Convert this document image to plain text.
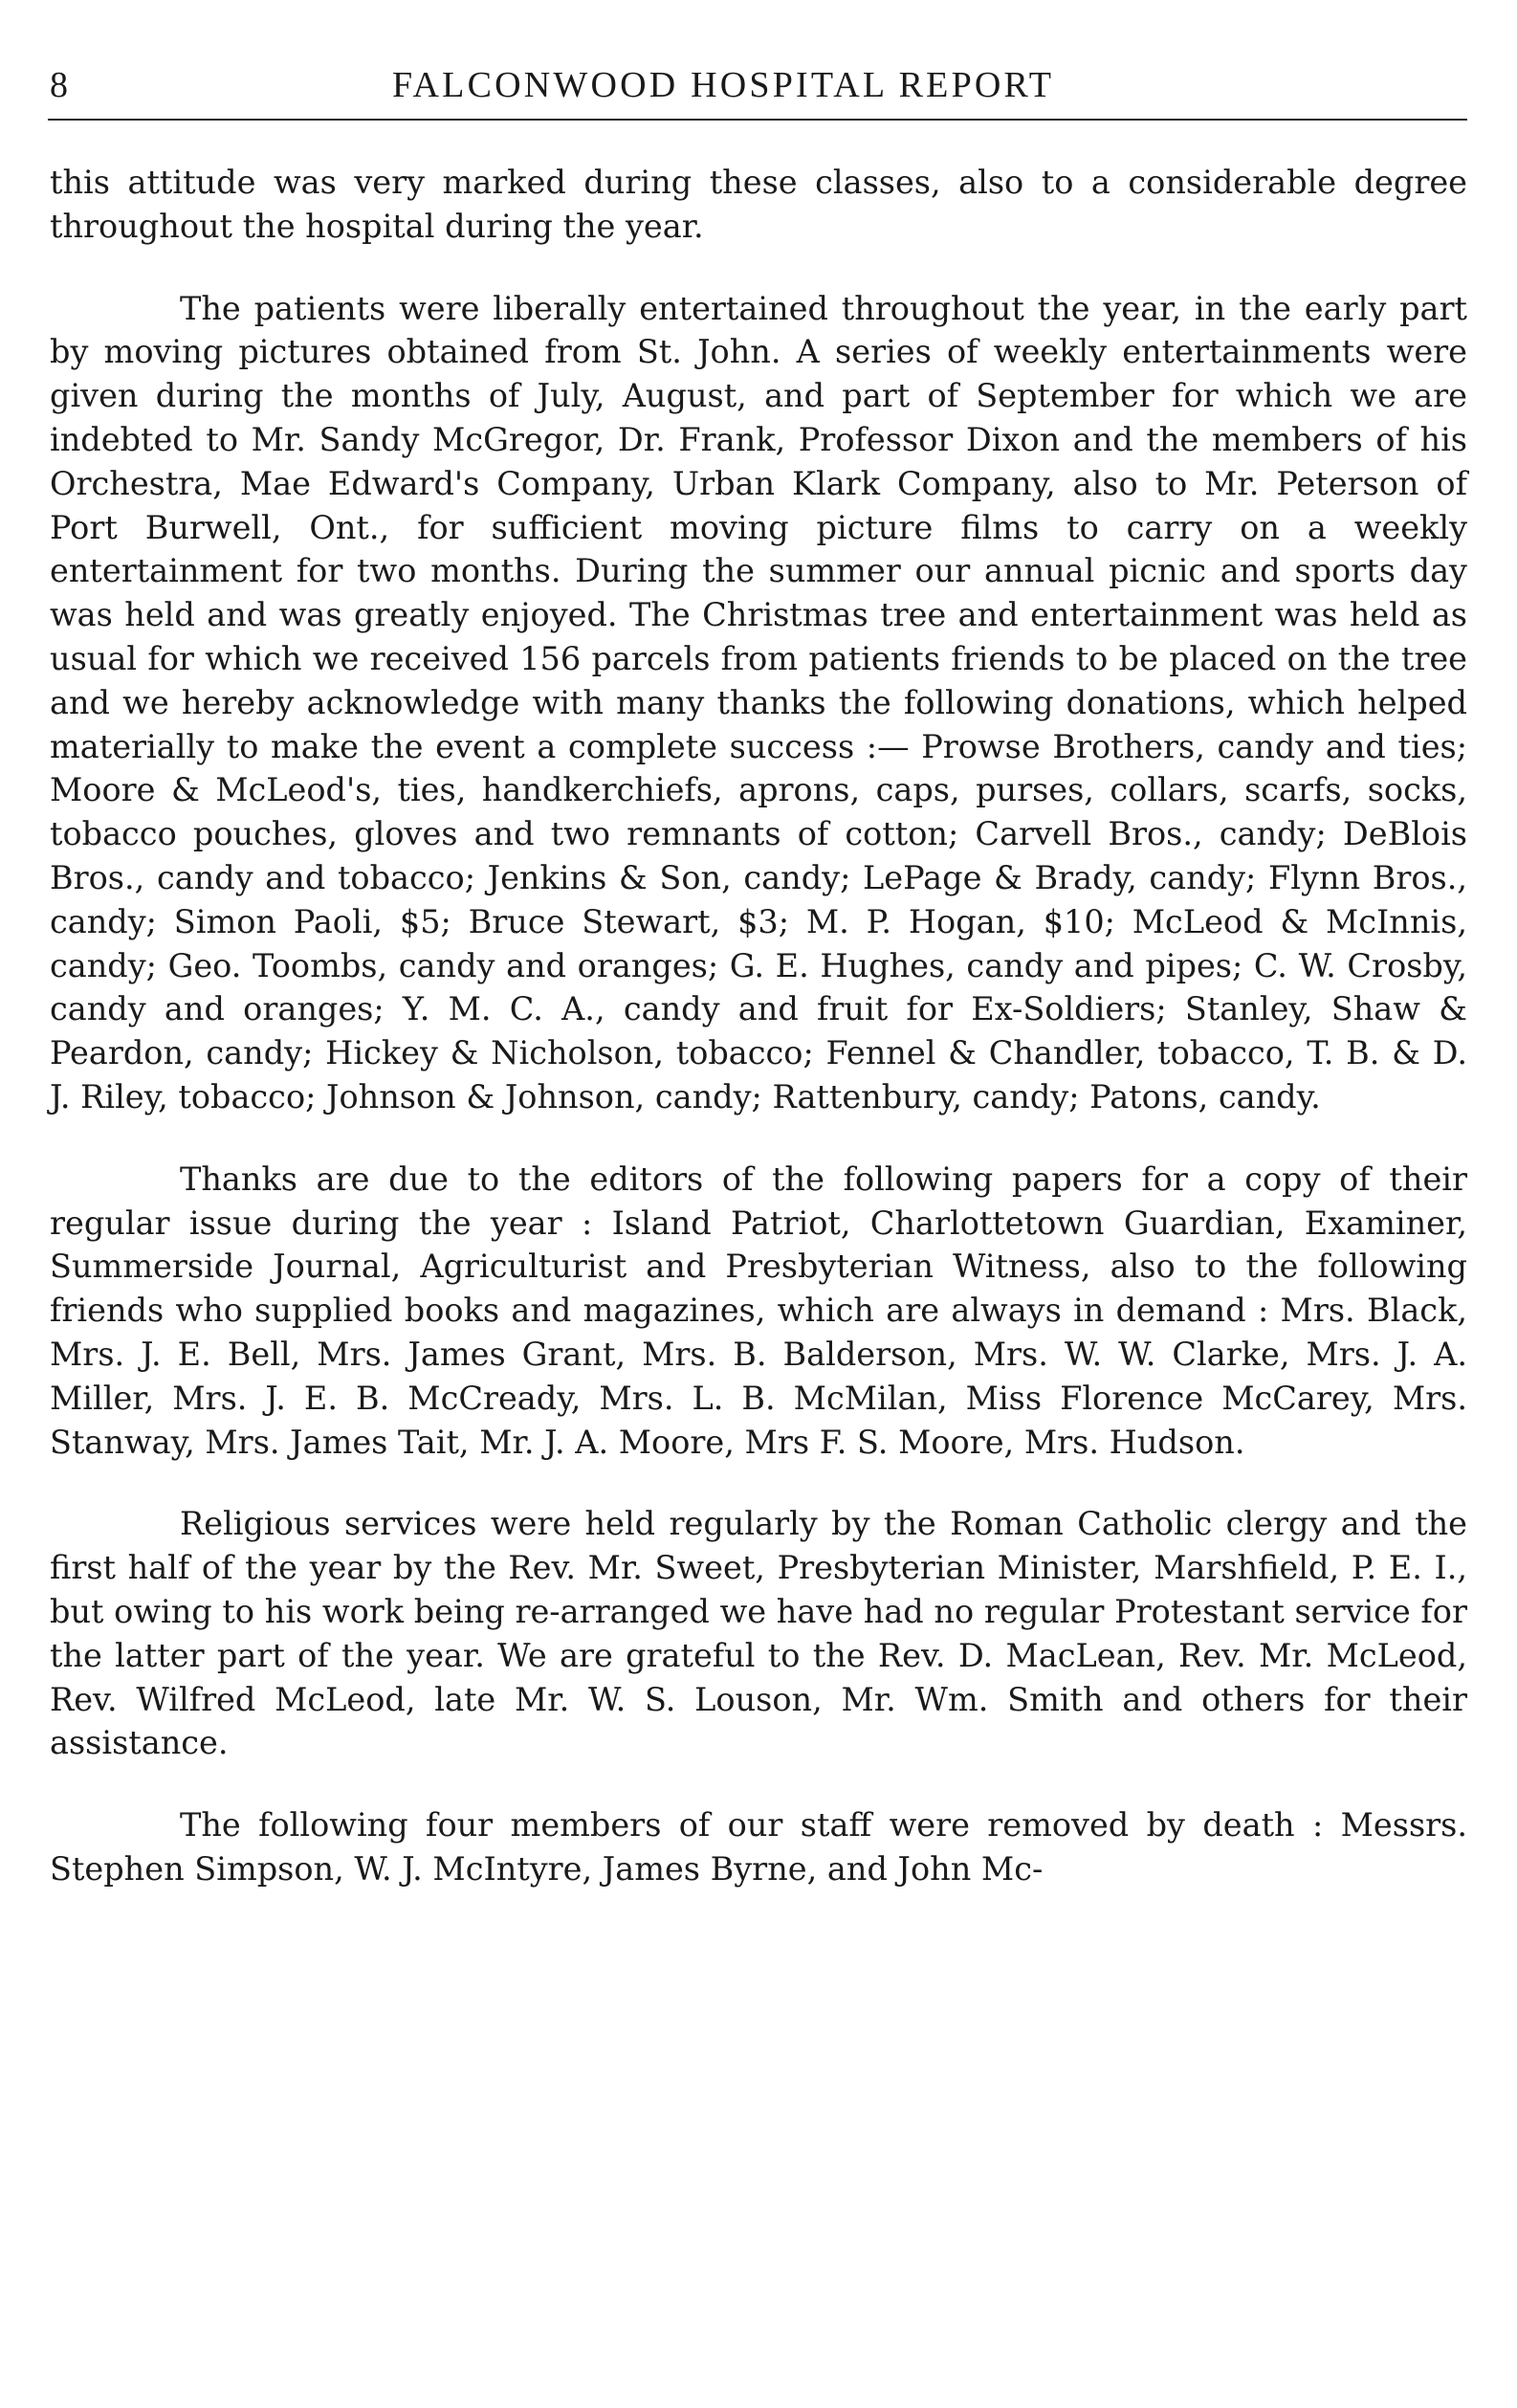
8	FALCONWOOD HOSPITAL REPORT

this attitude was very marked during these classes, also to a considerable degree throughout the hospital during the year.

The patients were liberally entertained throughout the year, in the early part by moving pictures obtained from St. John. A series of weekly entertainments were given during the months of July, August, and part of September for which we are indebted to Mr. Sandy McGregor, Dr. Frank, Professor Dixon and the members of his Orchestra, Mae Edward's Company, Urban Klark Company, also to Mr. Peterson of Port Burwell, Ont., for sufficient moving picture films to carry on a weekly entertainment for two months. During the summer our annual picnic and sports day was held and was greatly enjoyed. The Christmas tree and entertainment was held as usual for which we received 156 parcels from patients friends to be placed on the tree and we hereby acknowledge with many thanks the following donations, which helped materially to make the event a complete success :— Prowse Brothers, candy and ties; Moore & McLeod's, ties, handkerchiefs, aprons, caps, purses, collars, scarfs, socks, tobacco pouches, gloves and two remnants of cotton; Carvell Bros., candy; DeBlois Bros., candy and tobacco; Jenkins & Son, candy; LePage & Brady, candy; Flynn Bros., candy; Simon Paoli, $5; Bruce Stewart, $3; M. P. Hogan, $10; McLeod & McInnis, candy; Geo. Toombs, candy and oranges; G. E. Hughes, candy and pipes; C. W. Crosby, candy and oranges; Y. M. C. A., candy and fruit for Ex-Soldiers; Stanley, Shaw & Peardon, candy; Hickey & Nicholson, tobacco; Fennel & Chandler, tobacco, T. B. & D. J. Riley, tobacco; Johnson & Johnson, candy; Rattenbury, candy; Patons, candy.

Thanks are due to the editors of the following papers for a copy of their regular issue during the year : Island Patriot, Charlottetown Guardian, Examiner, Summerside Journal, Agriculturist and Presbyterian Witness, also to the following friends who supplied books and magazines, which are always in demand : Mrs. Black, Mrs. J. E. Bell, Mrs. James Grant, Mrs. B. Balderson, Mrs. W. W. Clarke, Mrs. J. A. Miller, Mrs. J. E. B. McCready, Mrs. L. B. McMilan, Miss Florence McCarey, Mrs. Stanway, Mrs. James Tait, Mr. J. A. Moore, Mrs F. S. Moore, Mrs. Hudson.

Religious services were held regularly by the Roman Catholic clergy and the first half of the year by the Rev. Mr. Sweet, Presbyterian Minister, Marshfield, P. E. I., but owing to his work being re-arranged we have had no regular Protestant service for the latter part of the year. We are grateful to the Rev. D. MacLean, Rev. Mr. McLeod, Rev. Wilfred McLeod, late Mr. W. S. Louson, Mr. Wm. Smith and others for their assistance.

The following four members of our staff were removed by death : Messrs. Stephen Simpson, W. J. McIntyre, James Byrne, and John Mc-
